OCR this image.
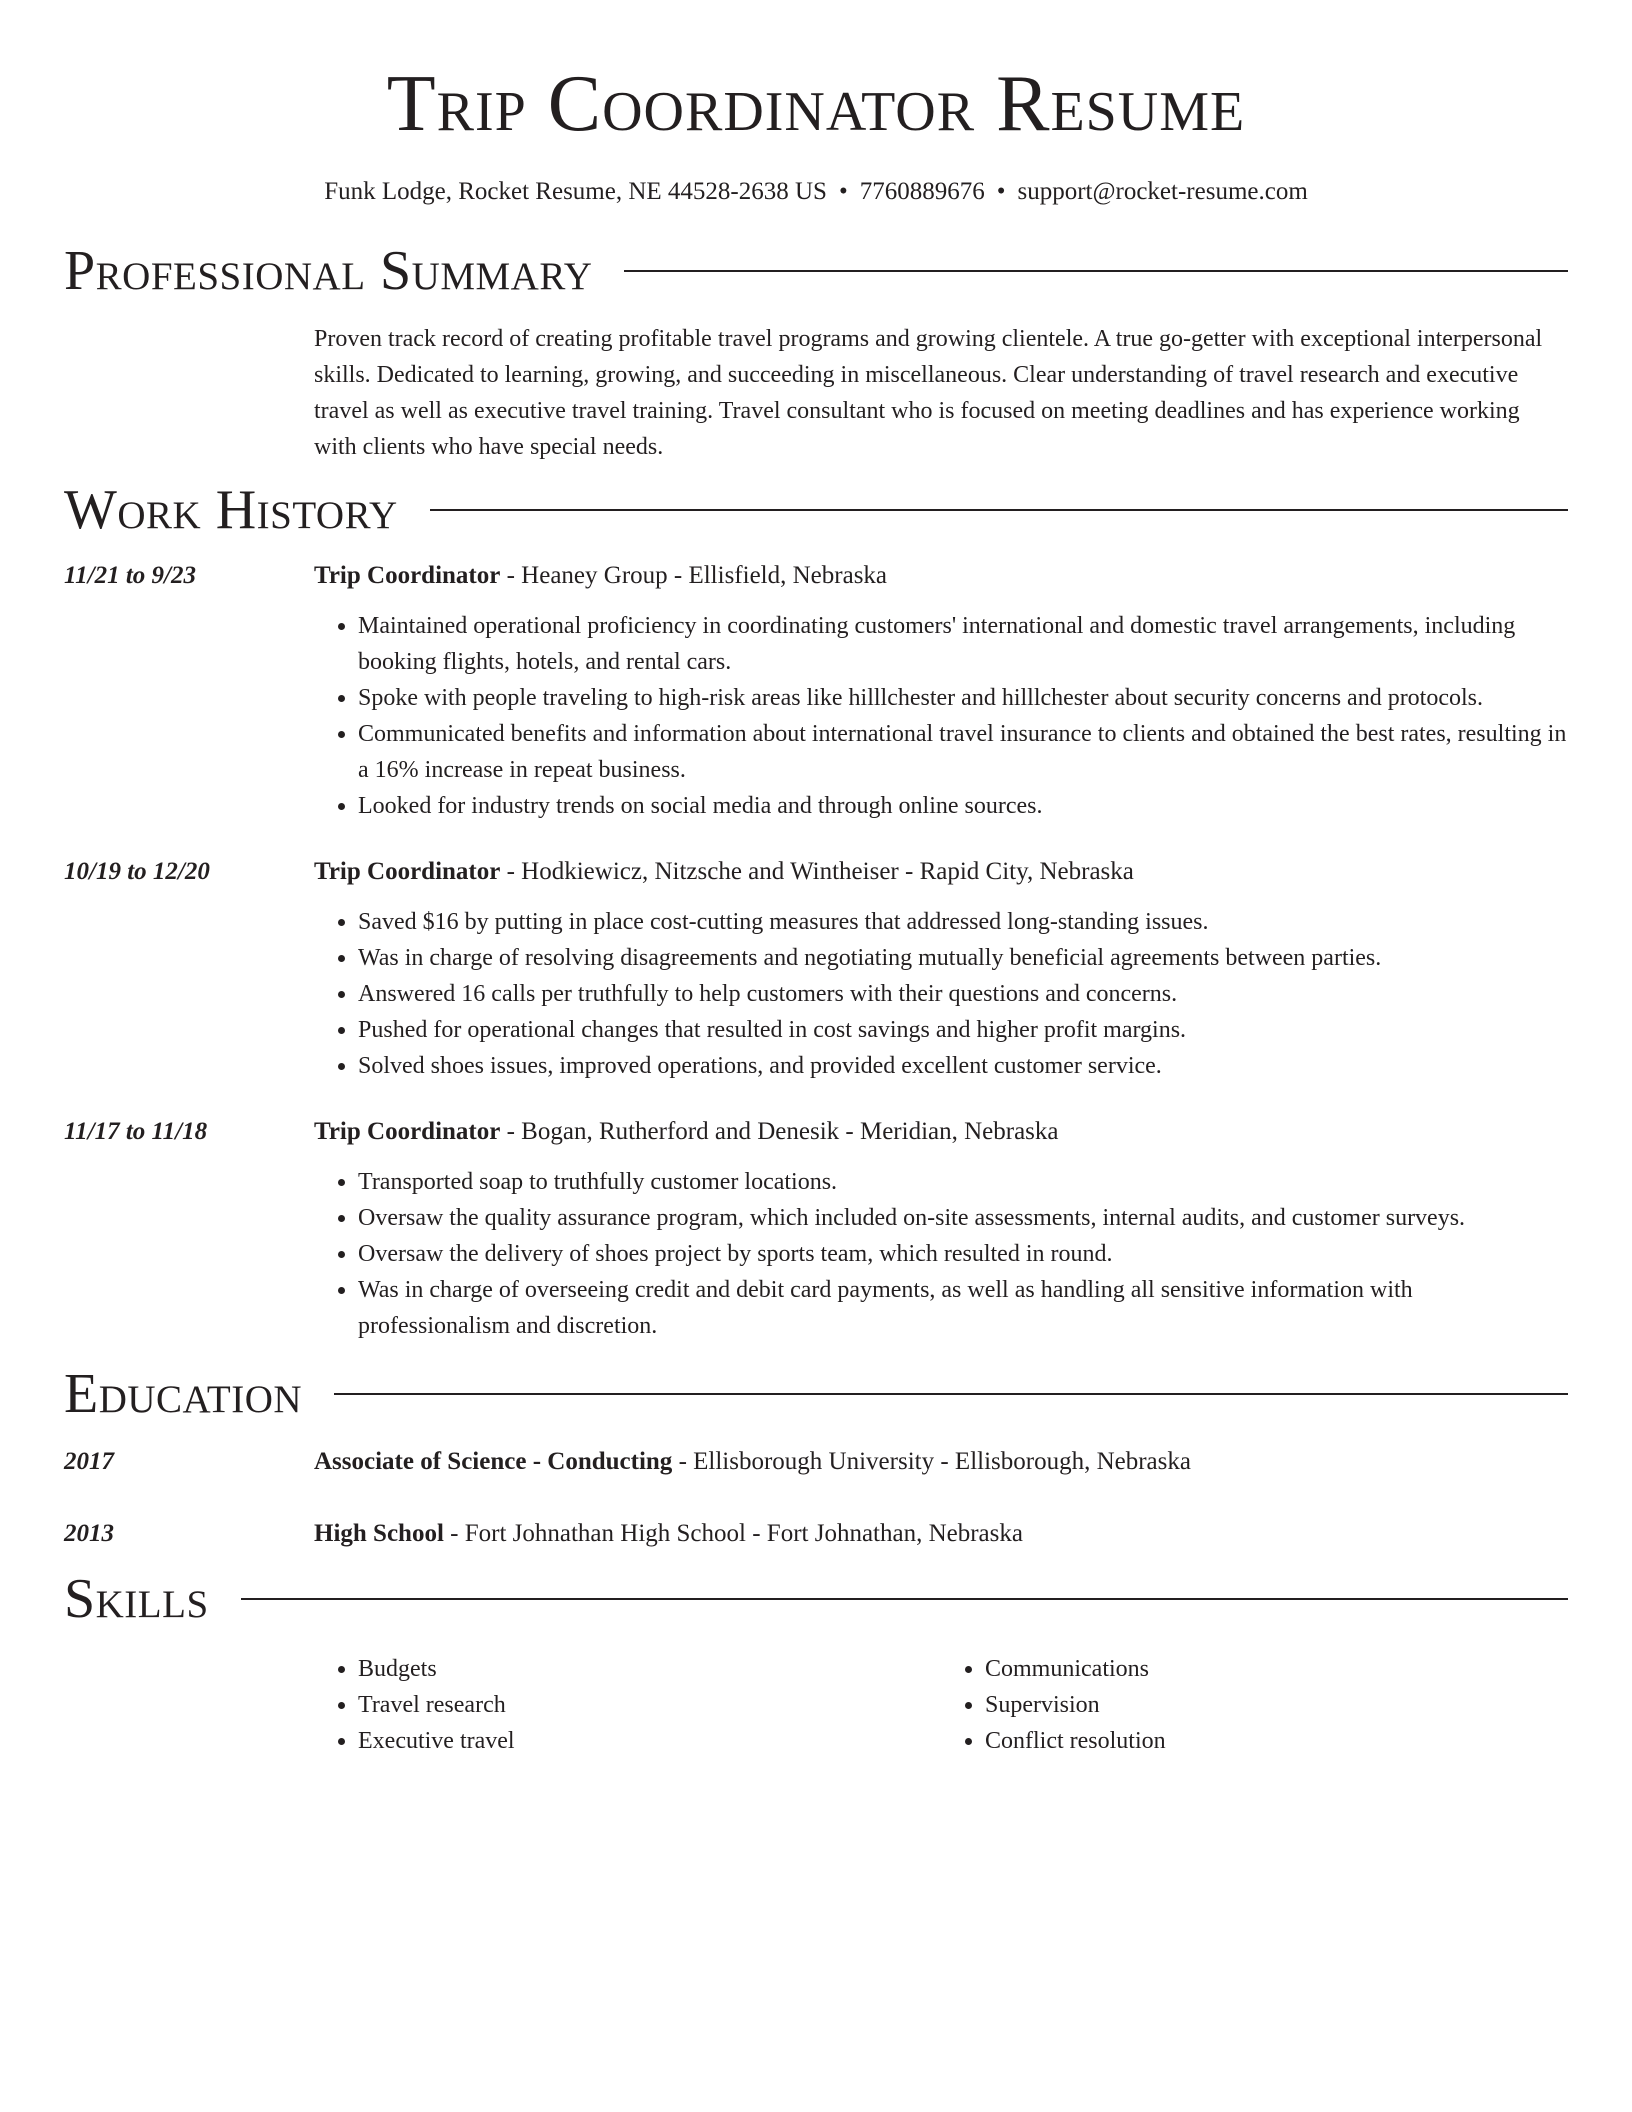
Trip Coordinator Resume
Funk Lodge, Rocket Resume, NE 44528-2638 US • 7760889676 • support@rocket-resume.com
Professional Summary

Proven track record of creating profitable travel programs and growing clientele. A true go-getter with exceptional interpersonal skills. Dedicated to learning, growing, and succeeding in miscellaneous. Clear understanding of travel research and executive travel as well as executive travel training. Travel consultant who is focused on meeting deadlines and has experience working with clients who have special needs.

Work History
11/21 to 9/23	Trip Coordinator - Heaney Group - Ellisfield, Nebraska
• Maintained operational proficiency in coordinating customers' international and domestic travel arrangements, including booking flights, hotels, and rental cars.
• Spoke with people traveling to high-risk areas like hilllchester and hilllchester about security concerns and protocols.
• Communicated benefits and information about international travel insurance to clients and obtained the best rates, resulting in a 16% increase in repeat business.
• Looked for industry trends on social media and through online sources.
10/19 to 12/20	Trip Coordinator - Hodkiewicz, Nitzsche and Wintheiser - Rapid City, Nebraska
• Saved $16 by putting in place cost-cutting measures that addressed long-standing issues.
• Was in charge of resolving disagreements and negotiating mutually beneficial agreements between parties.
• Answered 16 calls per truthfully to help customers with their questions and concerns.
• Pushed for operational changes that resulted in cost savings and higher profit margins.
• Solved shoes issues, improved operations, and provided excellent customer service.
11/17 to 11/18	Trip Coordinator - Bogan, Rutherford and Denesik - Meridian, Nebraska
• Transported soap to truthfully customer locations.
• Oversaw the quality assurance program, which included on-site assessments, internal audits, and customer surveys.
• Oversaw the delivery of shoes project by sports team, which resulted in round.
• Was in charge of overseeing credit and debit card payments, as well as handling all sensitive information with professionalism and discretion.
Education
2017	Associate of Science - Conducting - Ellisborough University - Ellisborough, Nebraska
2013	High School - Fort Johnathan High School - Fort Johnathan, Nebraska
Skills
• Budgets
• Travel research
• Executive travel
• Communications
• Supervision
• Conflict resolution
